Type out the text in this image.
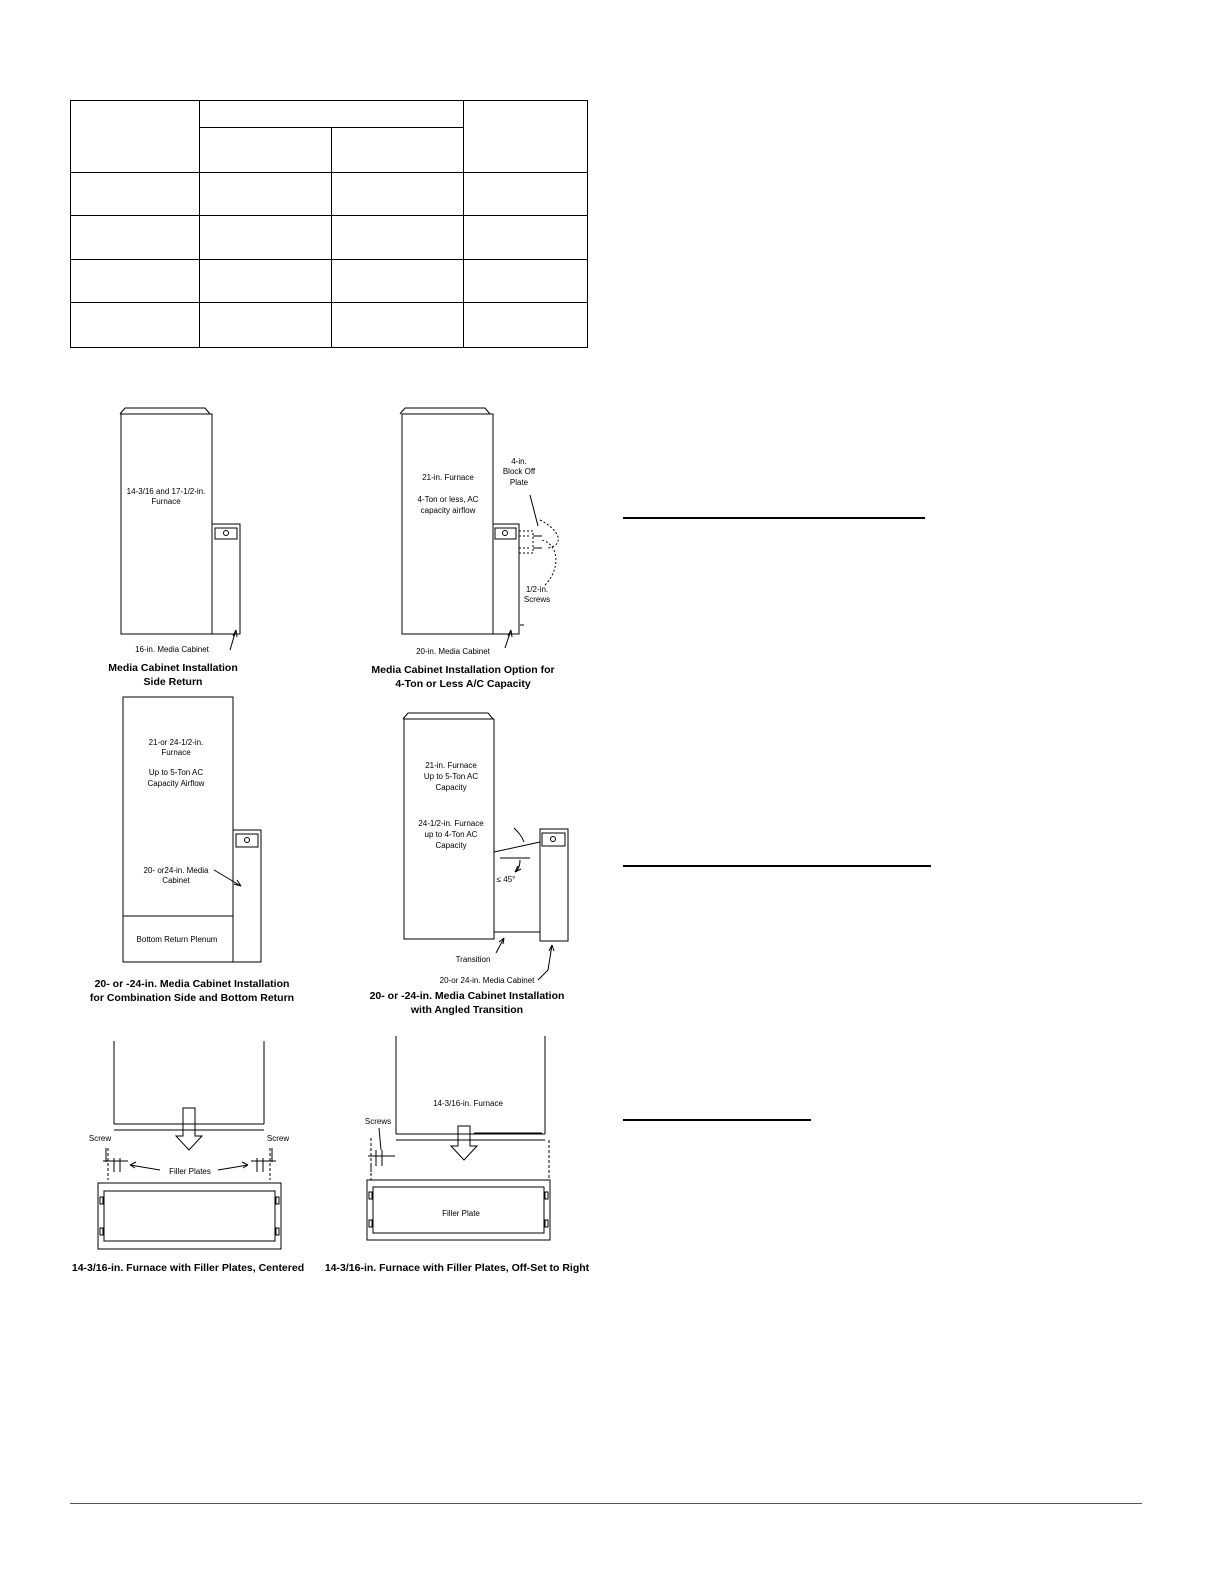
14-3/16 and 17-1/2-in.
Furnace
16-in. Media Cabinet
Media Cabinet Installation
Side Return
21-in. Furnace
4-Ton or less, AC
capacity airflow
4-in.
Block Off
Plate
1/2-in.
Screws
20-in. Media Cabinet
Media Cabinet Installation Option for
4-Ton or Less A/C Capacity
21-or 24-1/2-in.
Furnace
Up to 5-Ton AC
Capacity Airflow
20- or24-in. Media
Cabinet
Bottom Return Plenum
20- or -24-in. Media Cabinet Installation
for Combination Side and Bottom Return
21-in. Furnace
Up to 5-Ton AC
Capacity
24-1/2-in. Furnace
up to 4-Ton AC
Capacity
≤ 45°
Transition
20-or 24-in. Media Cabinet
20- or -24-in. Media Cabinet Installation
with Angled Transition
Screw	Screw
Filler Plates
14-3/16-in. Furnace with Filler Plates, Centered
14-3/16-in. Furnace
Screws
Filler Plate
14-3/16-in. Furnace with Filler Plates, Off-Set to Right
